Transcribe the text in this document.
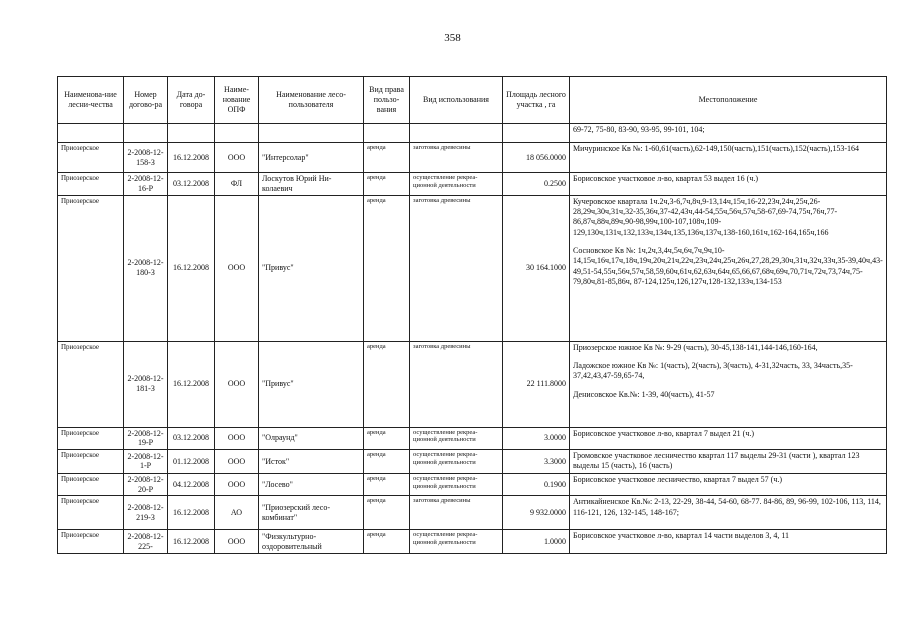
358
Наименова-ние лесни-чества	Номер догово-ра	Дата до-говора	Наиме-нование ОПФ	Наименование лесо-пользователя	Вид права пользо-вания	Вид использования	Площадь лесного участка , га	Местоположение
								69-72, 75-80, 83-90, 93-95, 99-101, 104;
Приозерское	2-2008-12-158-З	16.12.2008	ООО	"Интерсолар"	аренда	заготовка древесины	18 056.0000	Мичуринское Кв №: 1-60,61(часть),62-149,150(часть),151(часть),152(часть),153-164

Приозерское	2-2008-12-16-Р	03.12.2008	ФЛ	Лоскутов Юрий Ни-колаевич	аренда	осуществление рекреа-ционной деятельности	0.2500	Борисовское участковое л-во, квартал 53 выдел 16 (ч.)

Приозерское	2-2008-12-180-З	16.12.2008	ООО	"Привус"	аренда	заготовка древесины	30 164.1000	Кучеровское квартала 1ч.2ч,3-6,7ч,8ч,9-13,14ч,15ч,16-22,23ч,24ч,25ч,26-28,29ч,30ч,31ч,32-35,36ч,37-42,43ч,44-54,55ч,56ч,57ч,58-67,69-74,75ч,76ч,77-86,87ч,88ч,89ч,90-98,99ч,100-107,108ч,109-129,130ч,131ч,132,133ч,134ч,135,136ч,137ч,138-160,161ч,162-164,165ч,166
Сосновское Кв №: 1ч,2ч,3,4ч,5ч,6ч,7ч,9ч,10-14,15ч,16ч,17ч,18ч,19ч,20ч,21ч,22ч,23ч,24ч,25ч,26ч,27,28,29,30ч,31ч,32ч,33ч,35-39,40ч,43-49,51-54,55ч,56ч,57ч,58,59,60ч,61ч,62,63ч,64ч,65,66,67,68ч,69ч,70,71ч,72ч,73,74ч,75-79,80ч,81-85,86ч, 87-124,125ч,126,127ч,128-132,133ч,134-153

Приозерское	2-2008-12-181-З	16.12.2008	ООО	"Привус"	аренда	заготовка древесины	22 111.8000	Приозерское южное Кв №: 9-29 (часть), 30-45,138-141,144-146,160-164,
Ладожское южное Кв №: 1(часть), 2(часть), 3(часть), 4-31,32часть, 33, 34часть,35-37,42,43,47-59,65-74,
Денисовское Кв.№: 1-39, 40(часть), 41-57

Приозерское	2-2008-12-19-Р	03.12.2008	ООО	"Олраунд"	аренда	осуществление рекреа-ционной деятельности	3.0000	Борисовское участковое л-во, квартал 7 выдел 21 (ч.)

Приозерское	2-2008-12-1-Р	01.12.2008	ООО	"Исток"	аренда	осуществление рекреа-ционной деятельности	3.3000	Громовское участковое лесничество квартал 117 выделы 29-31 (части ), квартал 123 выделы 15 (часть), 16 (часть)

Приозерское	2-2008-12-20-Р	04.12.2008	ООО	"Лосево"	аренда	осуществление рекреа-ционной деятельности	0.1900	Борисовское участковое лесничество, квартал 7 выдел 57 (ч.)

Приозерское	2-2008-12-219-З	16.12.2008	АО	"Приозерский лесо-комбинат"	аренда	заготовка древесины	9 932.0000	Антикайненское Кв.№: 2-13, 22-29, 38-44, 54-60, 68-77. 84-86, 89, 96-99, 102-106, 113, 114, 116-121, 126, 132-145, 148-167;

Приозерское	2-2008-12-225-	16.12.2008	ООО	"Физкультурно-оздоровительный	аренда	осуществление рекреа-ционной деятельности	1.0000	Борисовское участковое л-во, квартал 14 части выделов 3, 4, 11
